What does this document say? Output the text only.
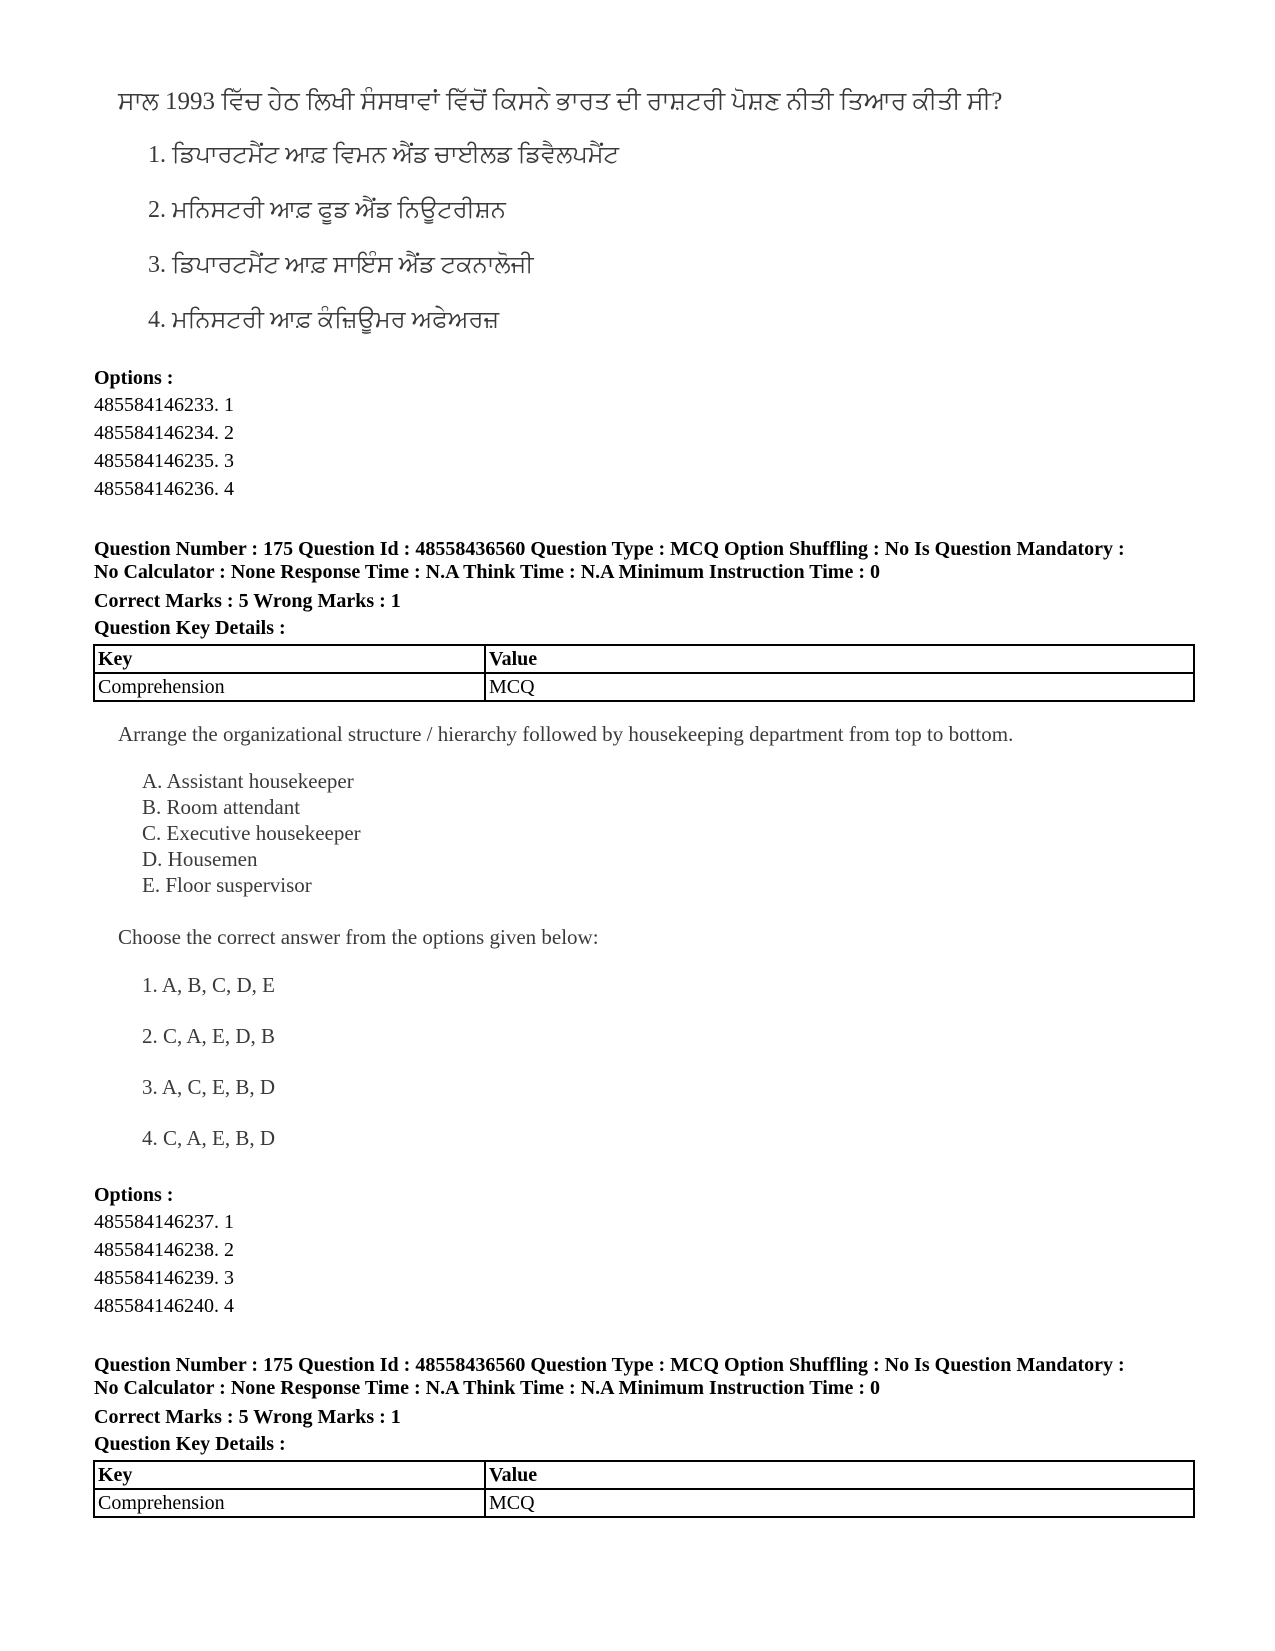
ਸਾਲ 1993 ਵਿੱਚ ਹੇਠ ਲਿਖੀ ਸੰਸਥਾਵਾਂ ਵਿੱਚੋਂ ਕਿਸਨੇ ਭਾਰਤ ਦੀ ਰਾਸ਼ਟਰੀ ਪੋਸ਼ਣ ਨੀਤੀ ਤਿਆਰ ਕੀਤੀ ਸੀ?
1. ਡਿਪਾਰਟਮੈਂਟ ਆਫ਼ ਵਿਮਨ ਐਂਡ ਚਾਈਲਡ ਡਿਵੈਲਪਮੈਂਟ
2. ਮਨਿਸਟਰੀ ਆਫ਼ ਫੂਡ ਐਂਡ ਨਿਊਟਰੀਸ਼ਨ
3. ਡਿਪਾਰਟਮੈਂਟ ਆਫ਼ ਸਾਇੰਸ ਐਂਡ ਟਕਨਾਲੋਜੀ
4. ਮਨਿਸਟਰੀ ਆਫ਼ ਕੰਜ਼ਿਊਮਰ ਅਫੇਅਰਜ਼
Options :
485584146233. 1
485584146234. 2
485584146235. 3
485584146236. 4
Question Number : 175 Question Id : 48558436560 Question Type : MCQ Option Shuffling : No Is Question Mandatory :
No Calculator : None Response Time : N.A Think Time : N.A Minimum Instruction Time : 0
Correct Marks : 5 Wrong Marks : 1
Question Key Details :
Key	Value
Comprehension	MCQ
Arrange the organizational structure / hierarchy followed by housekeeping department from top to bottom.
A. Assistant housekeeper
B. Room attendant
C. Executive housekeeper
D. Housemen
E. Floor suspervisor
Choose the correct answer from the options given below:
1. A, B, C, D, E
2. C, A, E, D, B
3. A, C, E, B, D
4. C, A, E, B, D
Options :
485584146237. 1
485584146238. 2
485584146239. 3
485584146240. 4
Question Number : 175 Question Id : 48558436560 Question Type : MCQ Option Shuffling : No Is Question Mandatory :
No Calculator : None Response Time : N.A Think Time : N.A Minimum Instruction Time : 0
Correct Marks : 5 Wrong Marks : 1
Question Key Details :
Key	Value
Comprehension	MCQ
